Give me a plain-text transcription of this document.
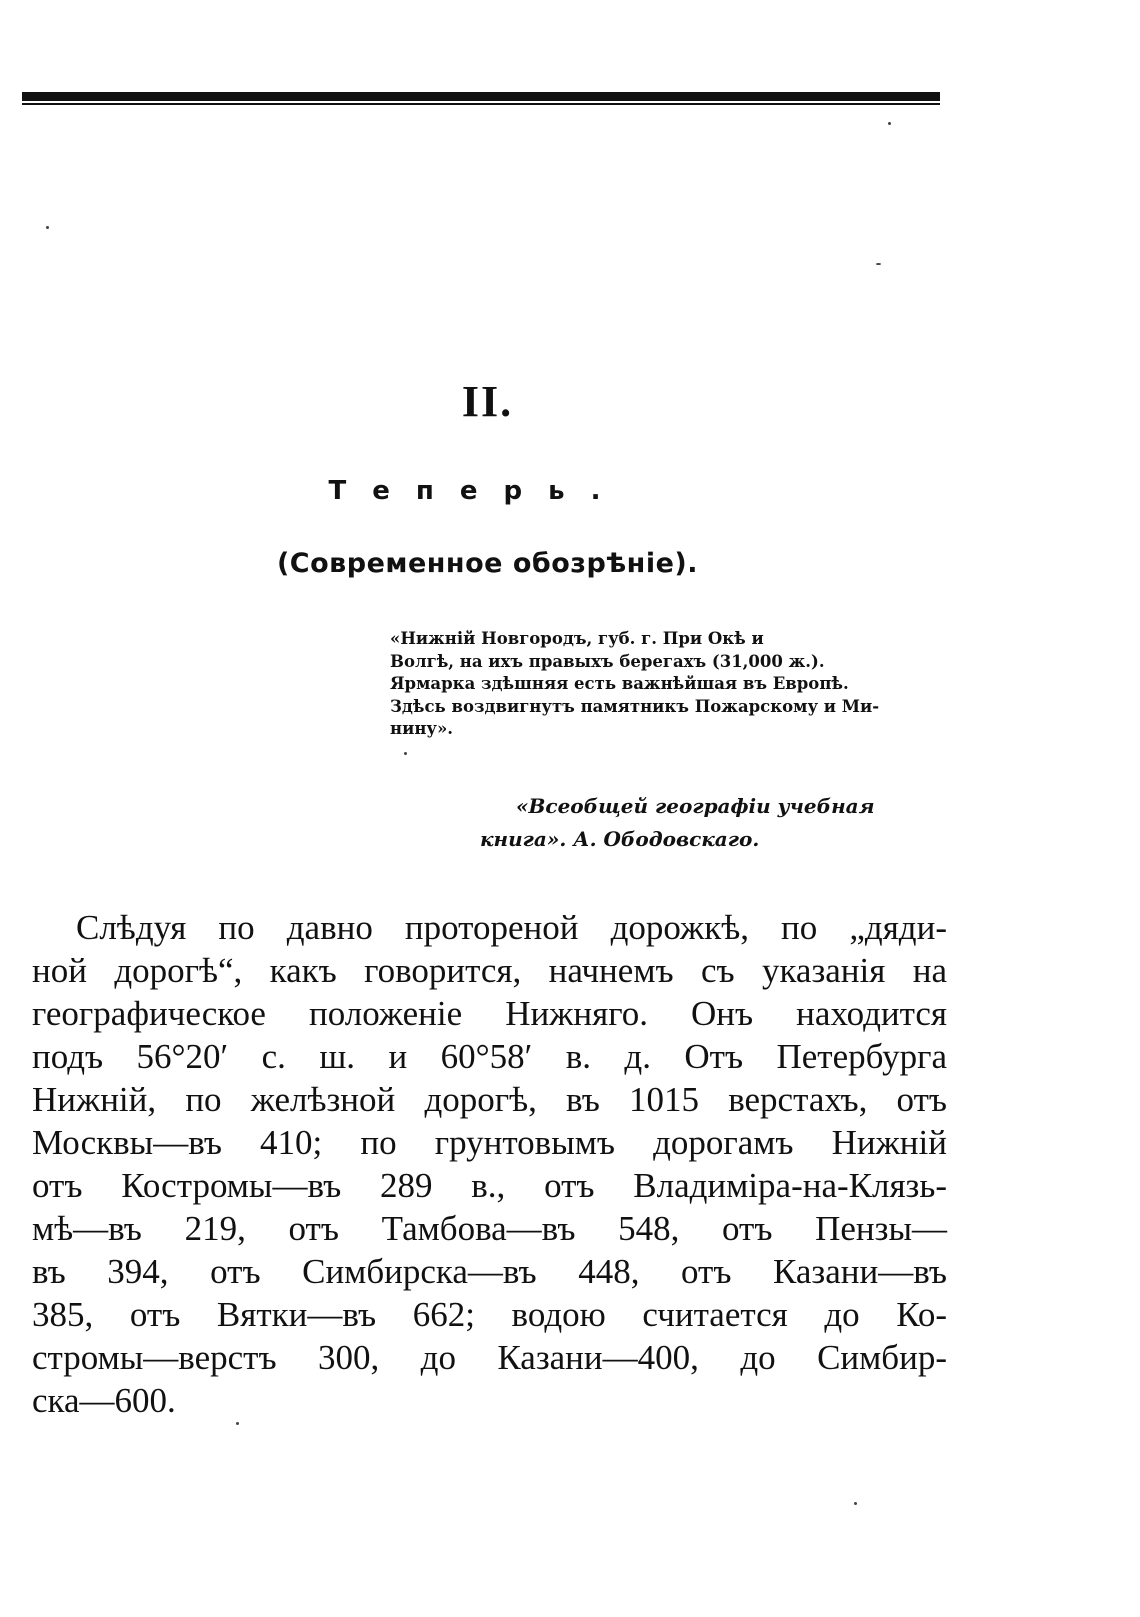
II.
Теперь.
(Современное обозрѣніе).
«Нижній Новгородъ, губ. г. При Окѣ и
Волгѣ, на ихъ правыхъ берегахъ (31,000 ж.).
Ярмарка здѣшняя есть важнѣйшая въ Европѣ.
Здѣсь воздвигнутъ памятникъ Пожарскому и Ми-
нину».
«Всеобщей географіи учебная
книга». А. Ободовскаго.
Слѣдуя по давно протореной дорожкѣ, по „дяди-
ной дорогѣ“, какъ говорится, начнемъ съ указанія на
географическое положеніе Нижняго. Онъ находится
подъ 56°20′ с. ш. и 60°58′ в. д. Отъ Петербурга
Нижній, по желѣзной дорогѣ, въ 1015 верстахъ, отъ
Москвы—въ 410; по грунтовымъ дорогамъ Нижній
отъ Костромы—въ 289 в., отъ Владиміра-на-Клязь-
мѣ—въ 219, отъ Тамбова—въ 548, отъ Пензы—
въ 394, отъ Симбирска—въ 448, отъ Казани—въ
385, отъ Вятки—въ 662; водою считается до Ко-
стромы—верстъ 300, до Казани—400, до Симбир-
ска—600.
